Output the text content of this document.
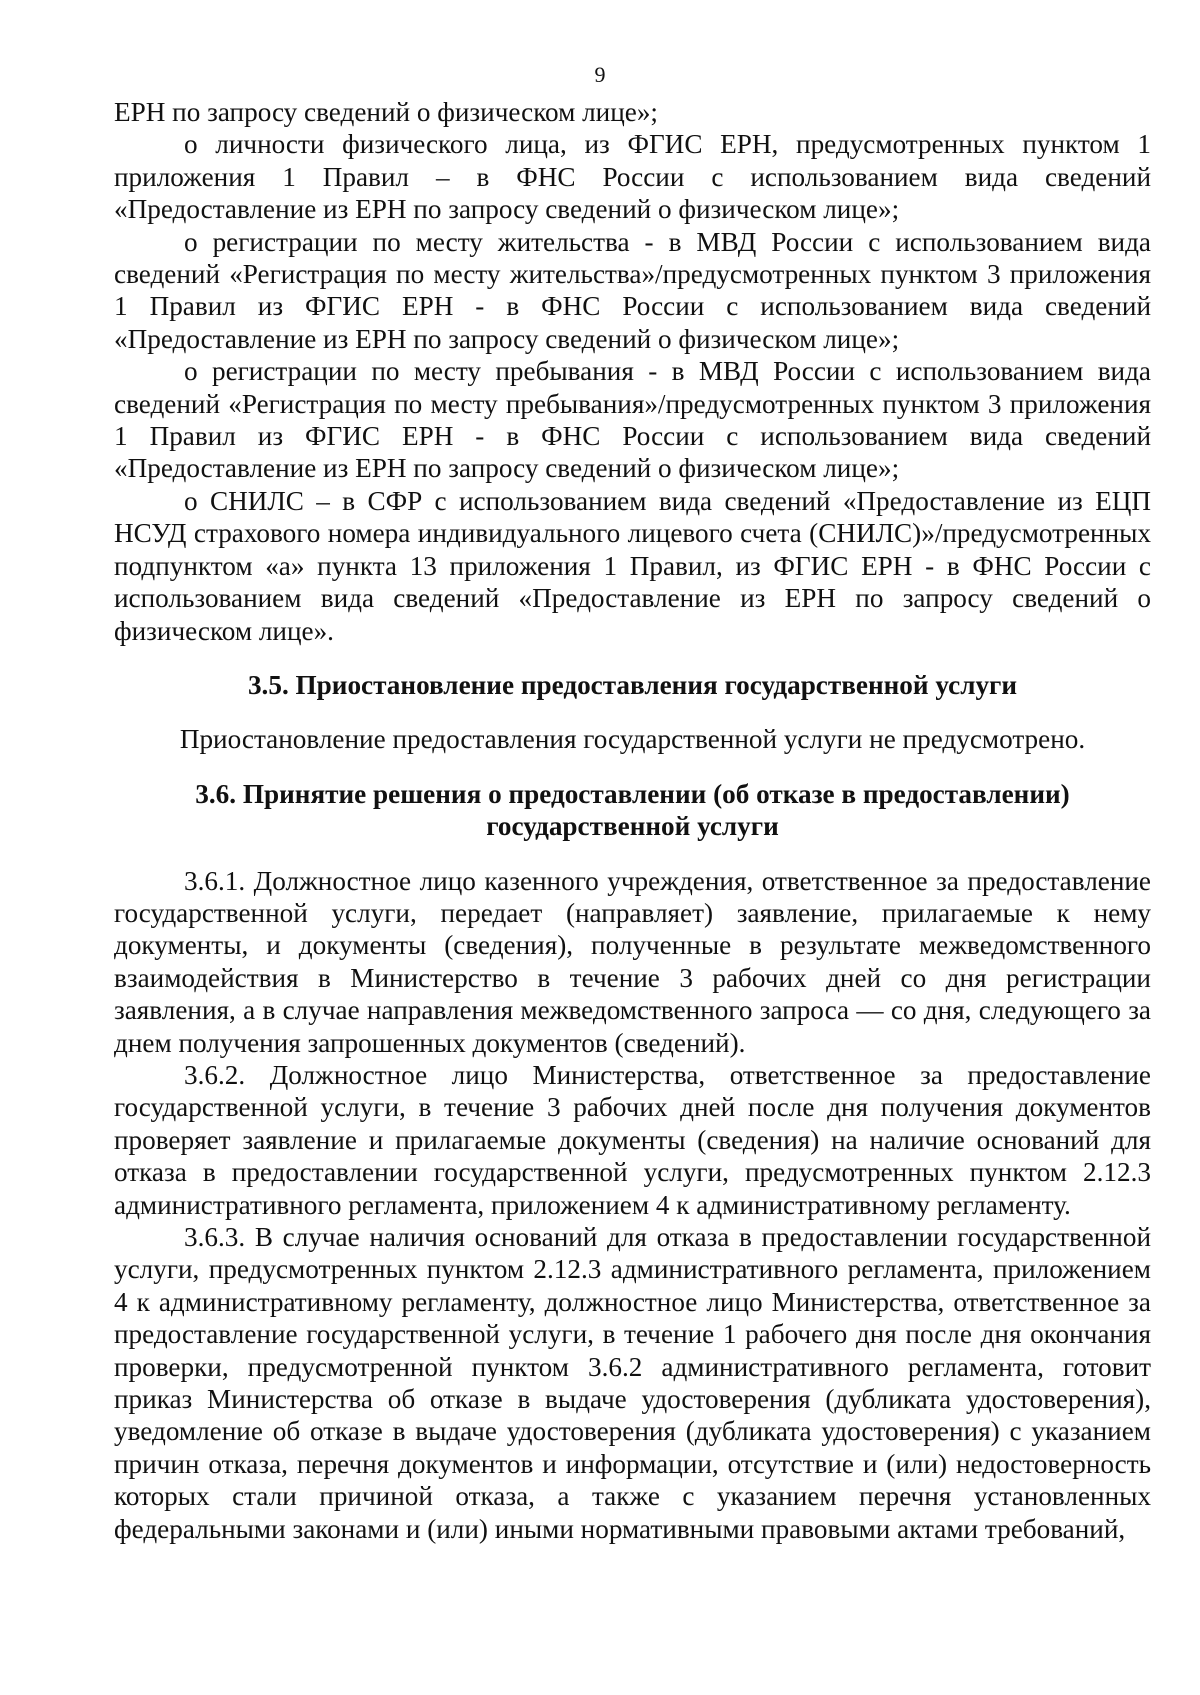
9

ЕРН по запросу сведений о физическом лице»;

о личности физического лица, из ФГИС ЕРН, предусмотренных пунктом 1 приложения 1 Правил – в ФНС России с использованием вида сведений «Предоставление из ЕРН по запросу сведений о физическом лице»;

о регистрации по месту жительства - в МВД России с использованием вида сведений «Регистрация по месту жительства»/предусмотренных пунктом 3 приложения 1 Правил из ФГИС ЕРН - в ФНС России с использованием вида сведений «Предоставление из ЕРН по запросу сведений о физическом лице»;

о регистрации по месту пребывания - в МВД России с использованием вида сведений «Регистрация по месту пребывания»/предусмотренных пунктом 3 приложения 1 Правил из ФГИС ЕРН - в ФНС России с использованием вида сведений «Предоставление из ЕРН по запросу сведений о физическом лице»;

о СНИЛС – в СФР с использованием вида сведений «Предоставление из ЕЦП НСУД страхового номера индивидуального лицевого счета (СНИЛС)»/предусмотренных подпунктом «а» пункта 13 приложения 1 Правил, из ФГИС ЕРН - в ФНС России с использованием вида сведений «Предоставление из ЕРН по запросу сведений о физическом лице».

3.5. Приостановление предоставления государственной услуги

Приостановление предоставления государственной услуги не предусмотрено.

3.6. Принятие решения о предоставлении (об отказе в предоставлении)
государственной услуги

3.6.1. Должностное лицо казенного учреждения, ответственное за предоставление государственной услуги, передает (направляет) заявление, прилагаемые к нему документы, и документы (сведения), полученные в результате межведомственного взаимодействия в Министерство в течение 3 рабочих дней со дня регистрации заявления, а в случае направления межведомственного запроса — со дня, следующего за днем получения запрошенных документов (сведений).

3.6.2. Должностное лицо Министерства, ответственное за предоставление государственной услуги, в течение 3 рабочих дней после дня получения документов проверяет заявление и прилагаемые документы (сведения) на наличие оснований для отказа в предоставлении государственной услуги, предусмотренных пунктом 2.12.3 административного регламента, приложением 4 к административному регламенту.

3.6.3. В случае наличия оснований для отказа в предоставлении государственной услуги, предусмотренных пунктом 2.12.3 административного регламента, приложением 4 к административному регламенту, должностное лицо Министерства, ответственное за предоставление государственной услуги, в течение 1 рабочего дня после дня окончания проверки, предусмотренной пунктом 3.6.2 административного регламента, готовит приказ Министерства об отказе в выдаче удостоверения (дубликата удостоверения), уведомление об отказе в выдаче удостоверения (дубликата удостоверения) с указанием причин отказа, перечня документов и информации, отсутствие и (или) недостоверность которых стали причиной отказа, а также с указанием перечня установленных федеральными законами и (или) иными нормативными правовыми актами требований,
